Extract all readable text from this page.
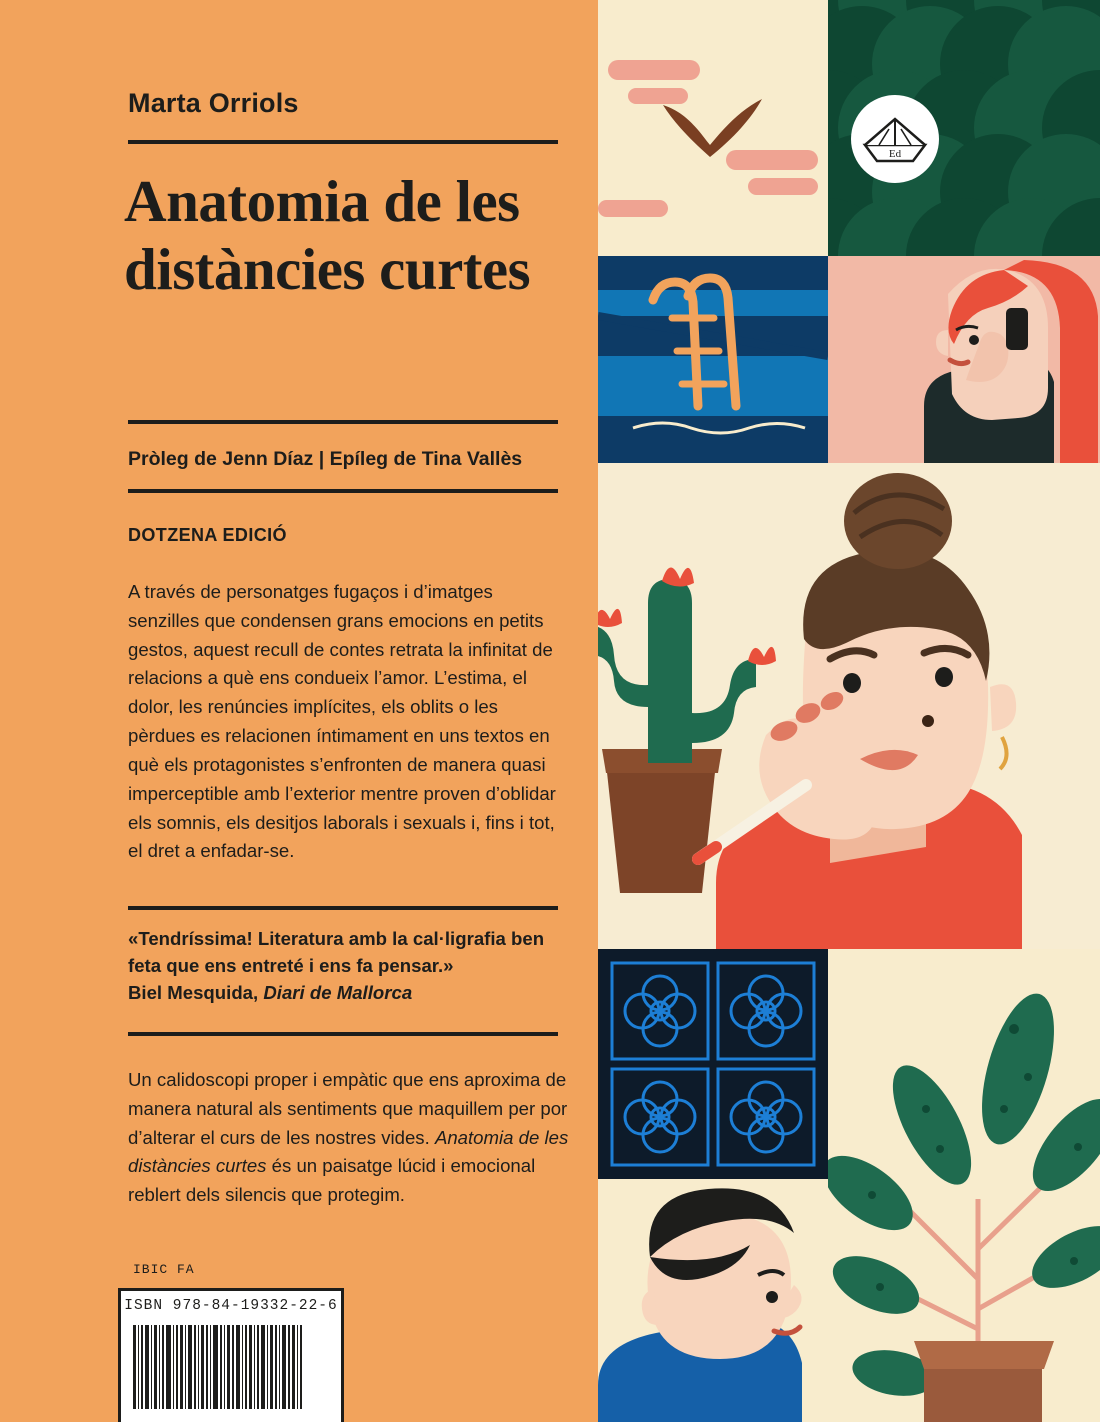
Marta Orriols
Anatomia de les distàncies curtes
Pròleg de Jenn Díaz | Epíleg de Tina Vallès
DOTZENA EDICIÓ
A través de personatges fugaços i d’imatges senzilles que condensen grans emocions en petits gestos, aquest recull de contes retrata la infinitat de relacions a què ens condueix l’amor. L’estima, el dolor, les renúncies implícites, els oblits o les pèrdues es relacionen íntimament en uns textos en què els protagonistes s’enfronten de manera quasi imperceptible amb l’exterior mentre proven d’oblidar els somnis, els desitjos laborals i sexuals i, fins i tot, el dret a enfadar-se.
«Tendríssima! Literatura amb la cal·ligrafia ben feta que ens entreté i ens fa pensar.»
Biel Mesquida, Diari de Mallorca
Un calidoscopi proper i empàtic que ens aproxima de manera natural als sentiments que maquillem per por d’alterar el curs de les nostres vides. Anatomia de les distàncies curtes és un paisatge lúcid i emocional reblert dels silencis que protegim.
IBIC FA
ISBN 978-84-19332-22-6
Ed
